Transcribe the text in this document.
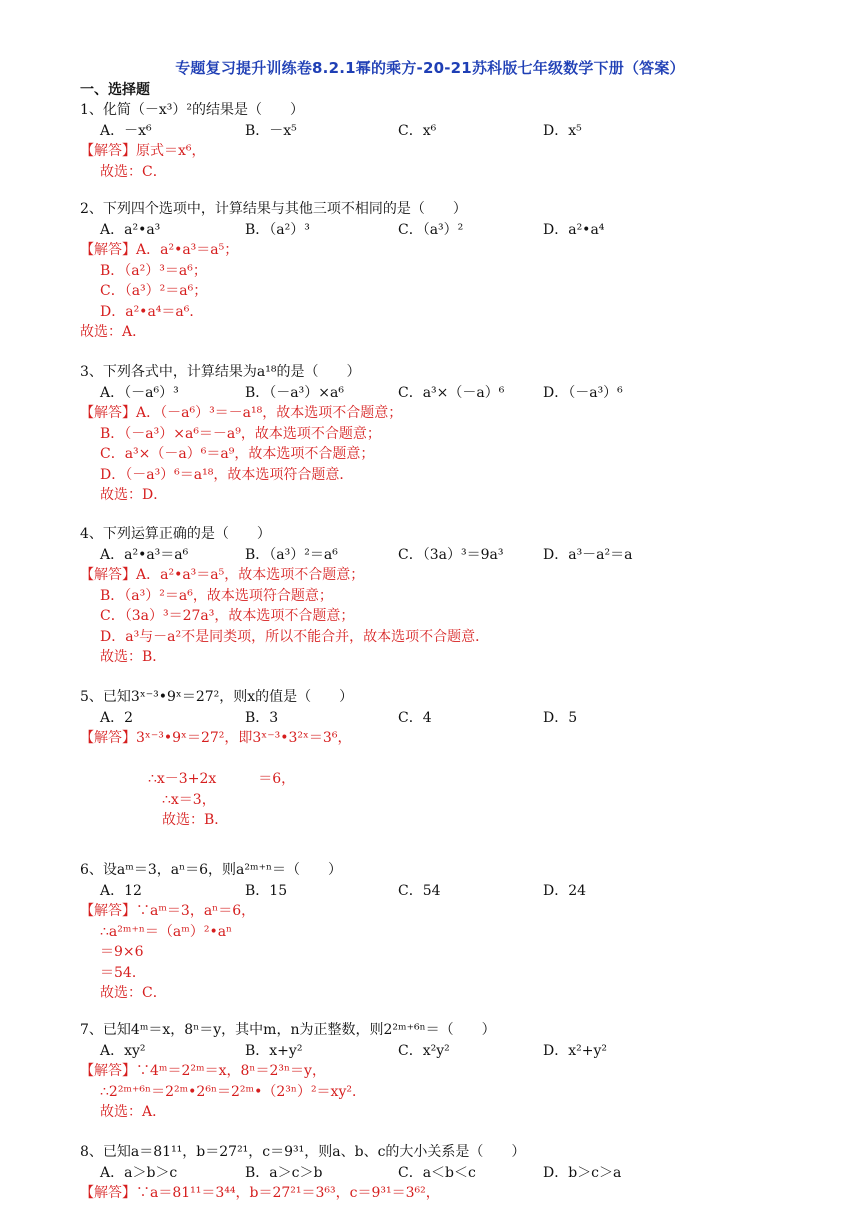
专题复习提升训练卷8.2.1幂的乘方-20-21苏科版七年级数学下册（答案）
一、选择题
1、化简（－x³）²的结果是（　　）
A．－x⁶	B．－x⁵	C．x⁶	D．x⁵
【解答】原式＝x⁶，
故选：C．
2、下列四个选项中，计算结果与其他三项不相同的是（　　）
A．a²•a³	B．（a²）³	C．（a³）²	D．a²•a⁴
【解答】A．a²•a³＝a⁵；
B．（a²）³＝a⁶；
C．（a³）²＝a⁶；
D．a²•a⁴＝a⁶．
故选：A．
3、下列各式中，计算结果为a¹⁸的是（　　）
A．（－a⁶）³	B．（－a³）×a⁶	C．a³×（－a）⁶	D．（－a³）⁶
【解答】A．（－a⁶）³＝－a¹⁸，故本选项不合题意；
B．（－a³）×a⁶＝－a⁹，故本选项不合题意；
C．a³×（－a）⁶＝a⁹，故本选项不合题意；
D．（－a³）⁶＝a¹⁸，故本选项符合题意．
故选：D．
4、下列运算正确的是（　　）
A．a²•a³＝a⁶	B．（a³）²＝a⁶	C．（3a）³＝9a³	D．a³－a²＝a
【解答】A．a²•a³＝a⁵，故本选项不合题意；
B．（a³）²＝a⁶，故本选项符合题意；
C．（3a）³＝27a³，故本选项不合题意；
D．a³与－a²不是同类项，所以不能合并，故本选项不合题意．
故选：B．
5、已知3ˣ⁻³•9ˣ＝27²，则x的值是（　　）
A．2	B．3	C．4	D．5
【解答】3ˣ⁻³•9ˣ＝27²，即3ˣ⁻³•3²ˣ＝3⁶，
∴x－3+2x　　　＝6，
∴x＝3，
故选：B．
6、设aᵐ＝3，aⁿ＝6，则a²ᵐ⁺ⁿ＝（　　）
A．12	B．15	C．54	D．24
【解答】∵aᵐ＝3，aⁿ＝6，
∴a²ᵐ⁺ⁿ＝（aᵐ）²•aⁿ
＝9×6
＝54．
故选：C．
7、已知4ᵐ＝x，8ⁿ＝y，其中m，n为正整数，则2²ᵐ⁺⁶ⁿ＝（　　）
A．xy²	B．x+y²	C．x²y²	D．x²+y²
【解答】∵4ᵐ＝2²ᵐ＝x，8ⁿ＝2³ⁿ＝y，
∴2²ᵐ⁺⁶ⁿ＝2²ᵐ•2⁶ⁿ＝2²ᵐ•（2³ⁿ）²＝xy²．
故选：A．
8、已知a＝81¹¹，b＝27²¹，c＝9³¹，则a、b、c的大小关系是（　　）
A．a＞b＞c	B．a＞c＞b	C．a＜b＜c	D．b＞c＞a
【解答】∵a＝81¹¹＝3⁴⁴，b＝27²¹＝3⁶³，c＝9³¹＝3⁶²，
